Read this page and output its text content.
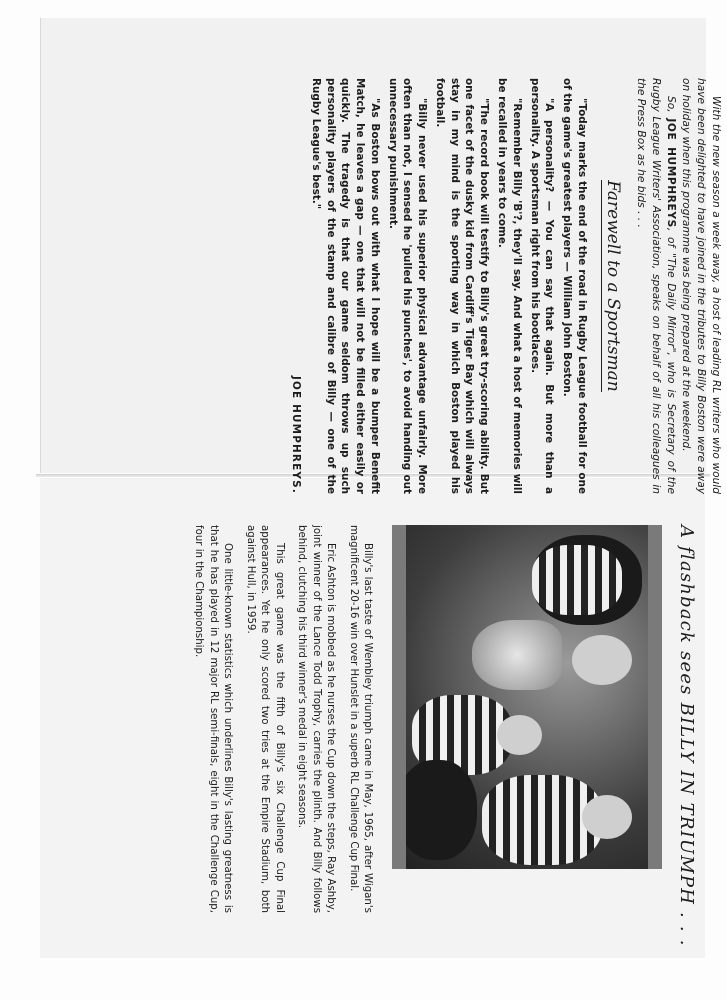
With the new season a week away, a host of leading RL writers who would have been delighted to have joined in the tributes to Billy Boston were away on holiday when this programme was being prepared at the weekend.
So, JOE HUMPHREYS, of "The Daily Mirror", who is Secretary of the Rugby League Writers' Association, speaks on behalf of all his colleagues in the Press Box as he bids . . .

Farewell to a Sportsman

"Today marks the end of the road in Rugby League football for one of the game's greatest players — William John Boston.

"A personality? — You can say that again. But more than a personality. A sportsman right from his bootlaces.

"Remember Billy 'B'?, they'll say. And what a host of memories will be recalled in years to come.

"The record book will testify to Billy's great try-scoring ability. But one facet of the dusky kid from Cardiff's Tiger Bay which will always stay in my mind is the sporting way in which Boston played his football.

"Billy never used his superior physical advantage unfairly. More often than not, I sensed he 'pulled his punches', to avoid handing out unnecessary punishment.

"As Boston bows out with what I hope will be a bumper Benefit Match, he leaves a gap — one that will not be filled either easily or quickly. The tragedy is that our game seldom throws up such personality players of the stamp and calibre of Billy — one of the Rugby League's best."

JOE HUMPHREYS.
A flashback sees BILLY IN TRIUMPH . . .

Billy's last taste of Wembley triumph came in May, 1965, after Wigan's magnificent 20-16 win over Hunslet in a superb RL Challenge Cup Final.

Eric Ashton is mobbed as he nurses the Cup down the steps, Ray Ashby, joint winner of the Lance Todd Trophy, carries the plinth. And Billy follows behind, clutching his third winner's medal in eight seasons.

This great game was the fifth of Billy's six Challenge Cup Final appearances. Yet he only scored two tries at the Empire Stadium, both against Hull, in 1959.

One little-known statistics which underlines Billy's lasting greatness is that he has played in 12 major RL semi-finals, eight in the Challenge Cup, four in the Championship.
